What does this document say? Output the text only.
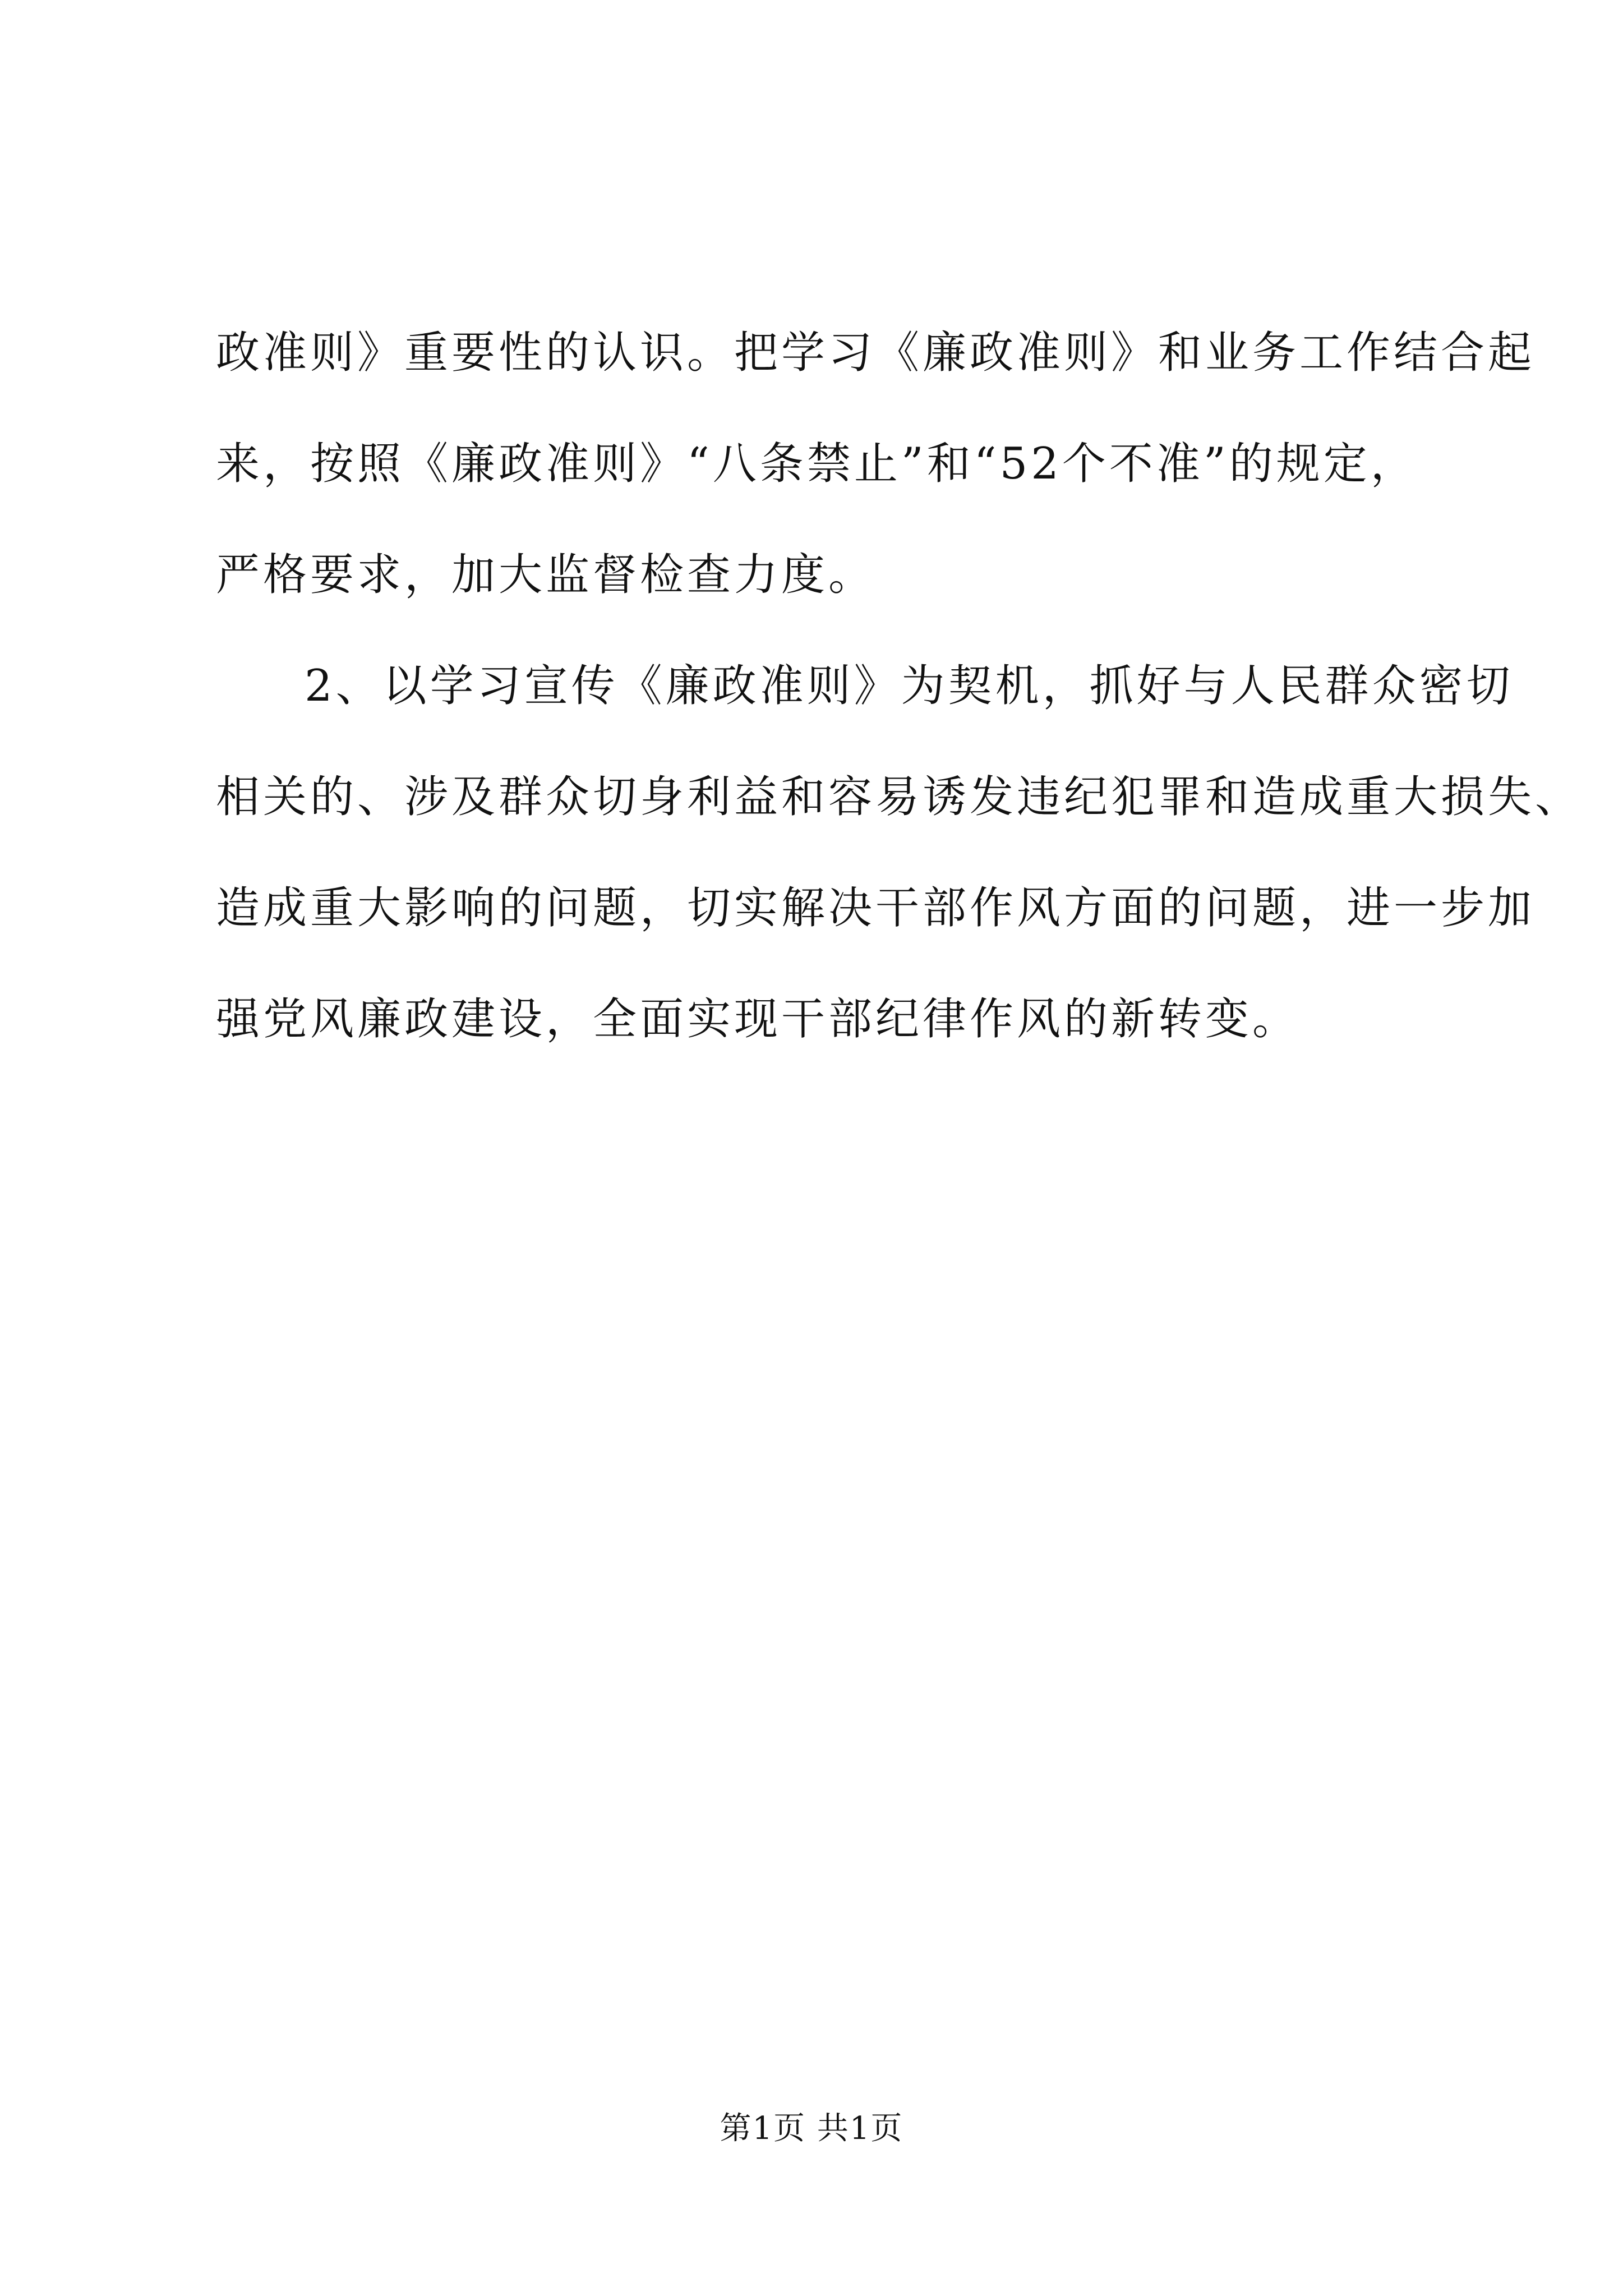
政准则》重要性的认识。把学习《廉政准则》和业务工作结合起
来，按照《廉政准则》“八条禁止”和“52个不准”的规定，
严格要求，加大监督检查力度。
2、以学习宣传《廉政准则》为契机，抓好与人民群众密切
相关的、涉及群众切身利益和容易诱发违纪犯罪和造成重大损失、
造成重大影响的问题，切实解决干部作风方面的问题，进一步加
强党风廉政建设，全面实现干部纪律作风的新转变。
第1页 共1页
